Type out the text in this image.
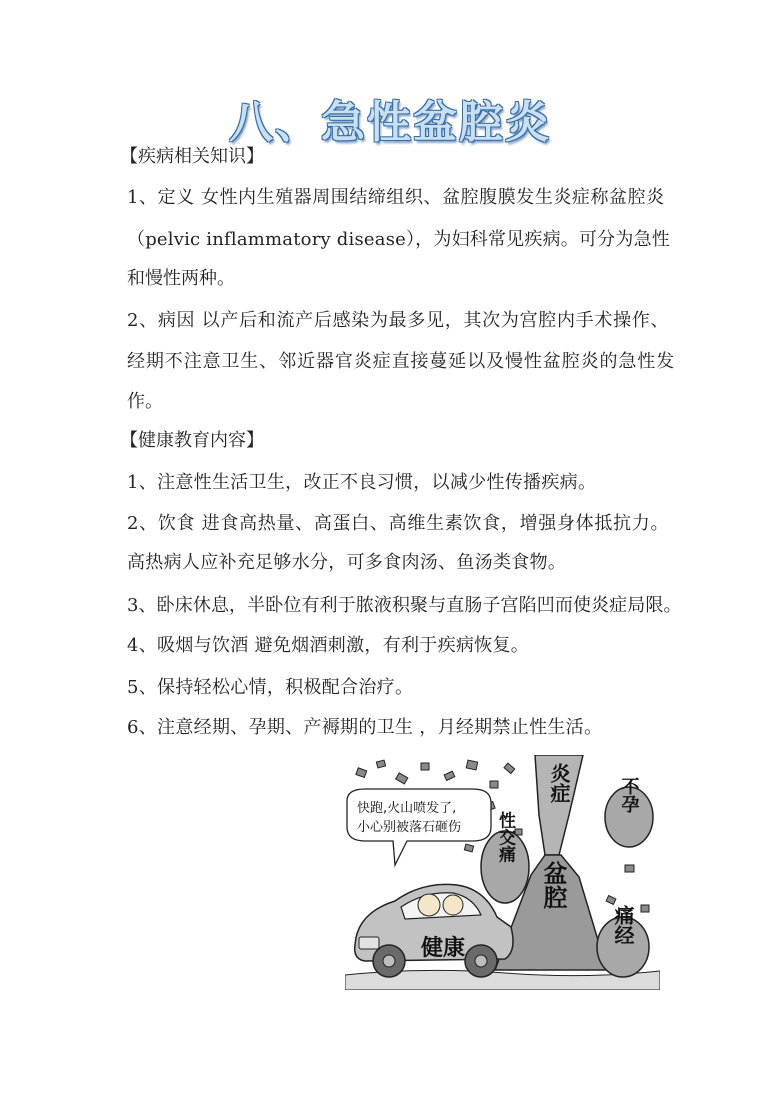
八、急性盆腔炎
【疾病相关知识】
1、定义 女性内生殖器周围结缔组织、盆腔腹膜发生炎症称盆腔炎
（pelvic inflammatory disease），为妇科常见疾病。可分为急性
和慢性两种。
2、病因 以产后和流产后感染为最多见，其次为宫腔内手术操作、
经期不注意卫生、邻近器官炎症直接蔓延以及慢性盆腔炎的急性发
作。
【健康教育内容】
1、注意性生活卫生，改正不良习惯，以减少性传播疾病。
2、饮食 进食高热量、高蛋白、高维生素饮食，增强身体抵抗力。
高热病人应补充足够水分，可多食肉汤、鱼汤类食物。
3、卧床休息，半卧位有利于脓液积聚与直肠子宫陷凹而使炎症局限。
4、吸烟与饮酒 避免烟酒刺激，有利于疾病恢复。
5、保持轻松心情，积极配合治疗。
6、注意经期、孕期、产褥期的卫生 ，月经期禁止性生活。
快跑,火山喷发了,
小心别被落石砸伤
炎症
盆腔
性交痛
不孕
痛经
健康
